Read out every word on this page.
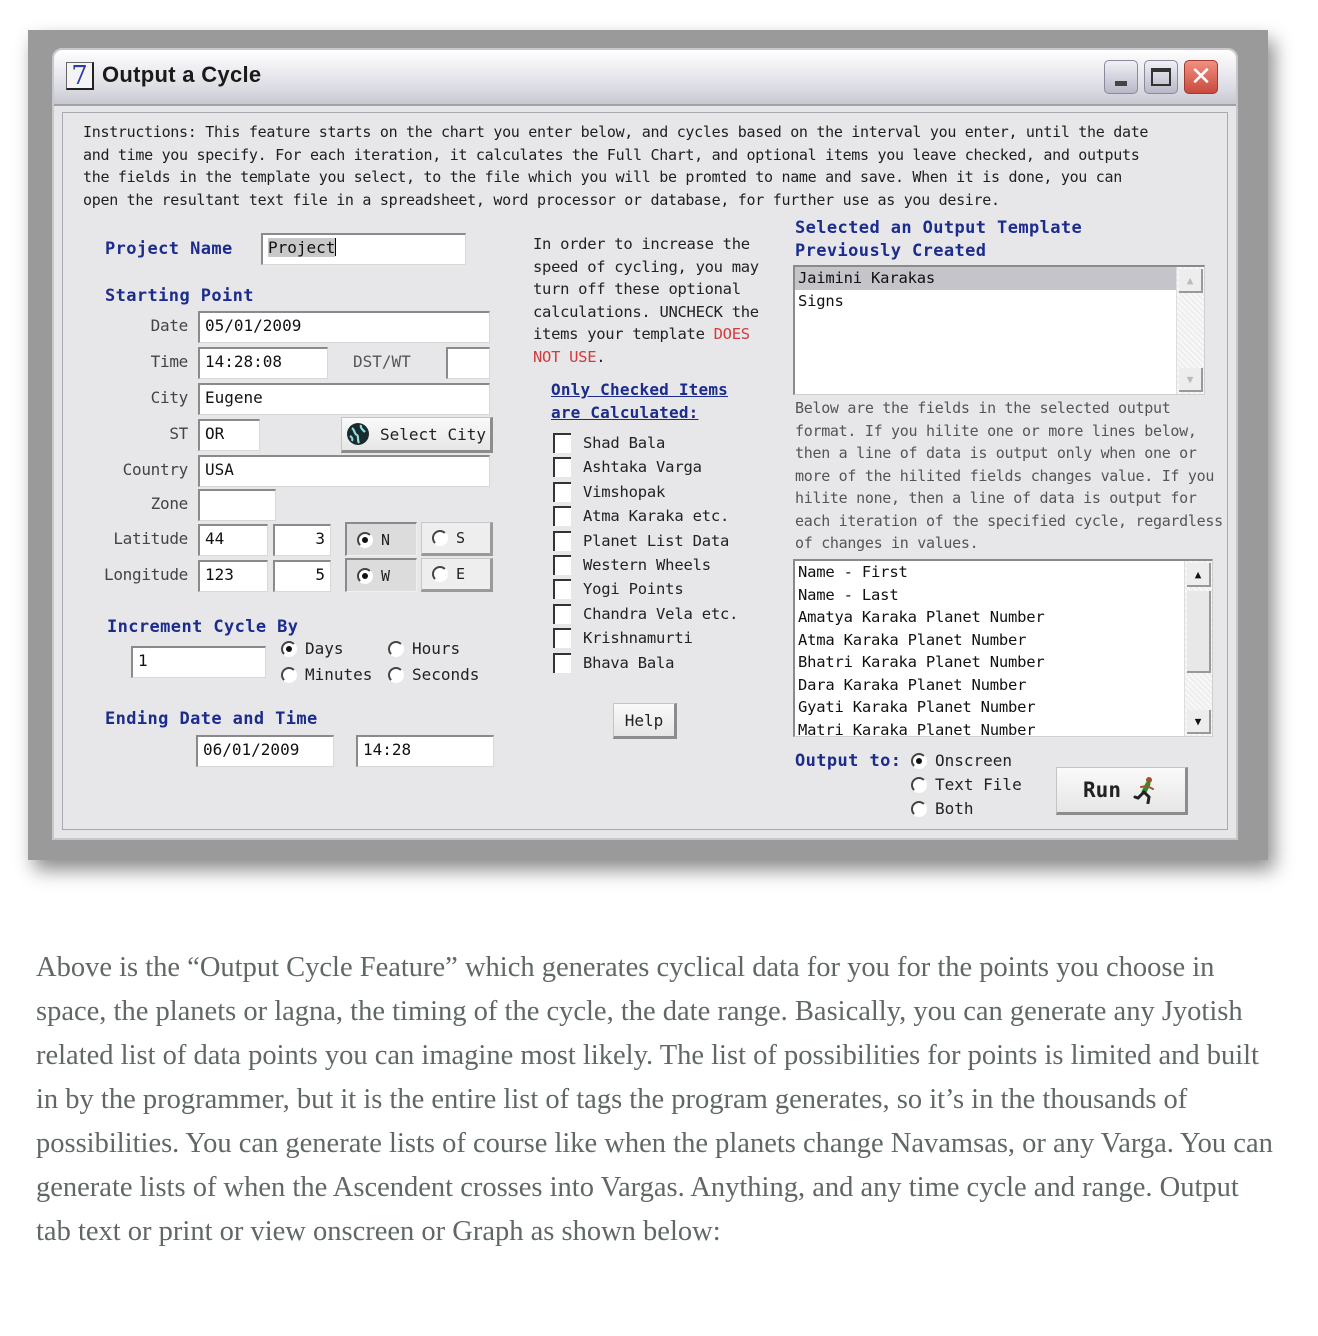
7 Output a Cycle	✕
Instructions: This feature starts on the chart you enter below, and cycles based on the interval you enter, until the date and time you specify. For each iteration, it calculates the Full Chart, and optional items you leave checked, and outputs the fields in the template you select, to the file which you will be promted to name and save. When it is done, you can open the resultant text file in a spreadsheet, word processor or database, for further use as you desire.
Project Name	Project
Starting Point
Date	05/01/2009
Time	14:28:08	DST/WT
City	Eugene
ST	OR	Select City
Country	USA
Zone
Latitude	44	3	N	S
Longitude	123	5	W	E
Increment Cycle By
1
Days	Hours
Minutes Seconds
Ending Date and Time
06/01/2009	14:28
In order to increase the speed of cycling, you may turn off these optional calculations. UNCHECK the items your template DOES NOT USE.
Only Checked Items
are Calculated:
Shad Bala
Ashtaka Varga
Vimshopak
Atma Karaka etc.
Planet List Data
Western Wheels
Yogi Points
Chandra Vela etc.
Krishnamurti
Bhava Bala
Help
Selected an Output Template
Previously Created
Jaimini Karakas
Signs
▲
▼
Below are the fields in the selected output format. If you hilite one or more lines below, then a line of data is output only when one or more of the hilited fields changes value. If you hilite none, then a line of data is output for each iteration of the specified cycle, regardless of changes in values.
Name - First
Name - Last
Amatya Karaka Planet Number
Atma Karaka Planet Number
Bhatri Karaka Planet Number
Dara Karaka Planet Number
Gyati Karaka Planet Number
Matri Karaka Planet Number
▲
▼
Output to: Onscreen
Text File
Both
Run
Above is the “Output Cycle Feature” which generates cyclical data for you for the points you choose in space, the planets or lagna, the timing of the cycle, the date range. Basically, you can generate any Jyotish related list of data points you can imagine most likely. The list of possibilities for points is limited and built in by the programmer, but it is the entire list of tags the program generates, so it’s in the thousands of possibilities. You can generate lists of course like when the planets change Navamsas, or any Varga. You can generate lists of when the Ascendent crosses into Vargas. Anything, and any time cycle and range. Output tab text or print or view onscreen or Graph as shown below:
